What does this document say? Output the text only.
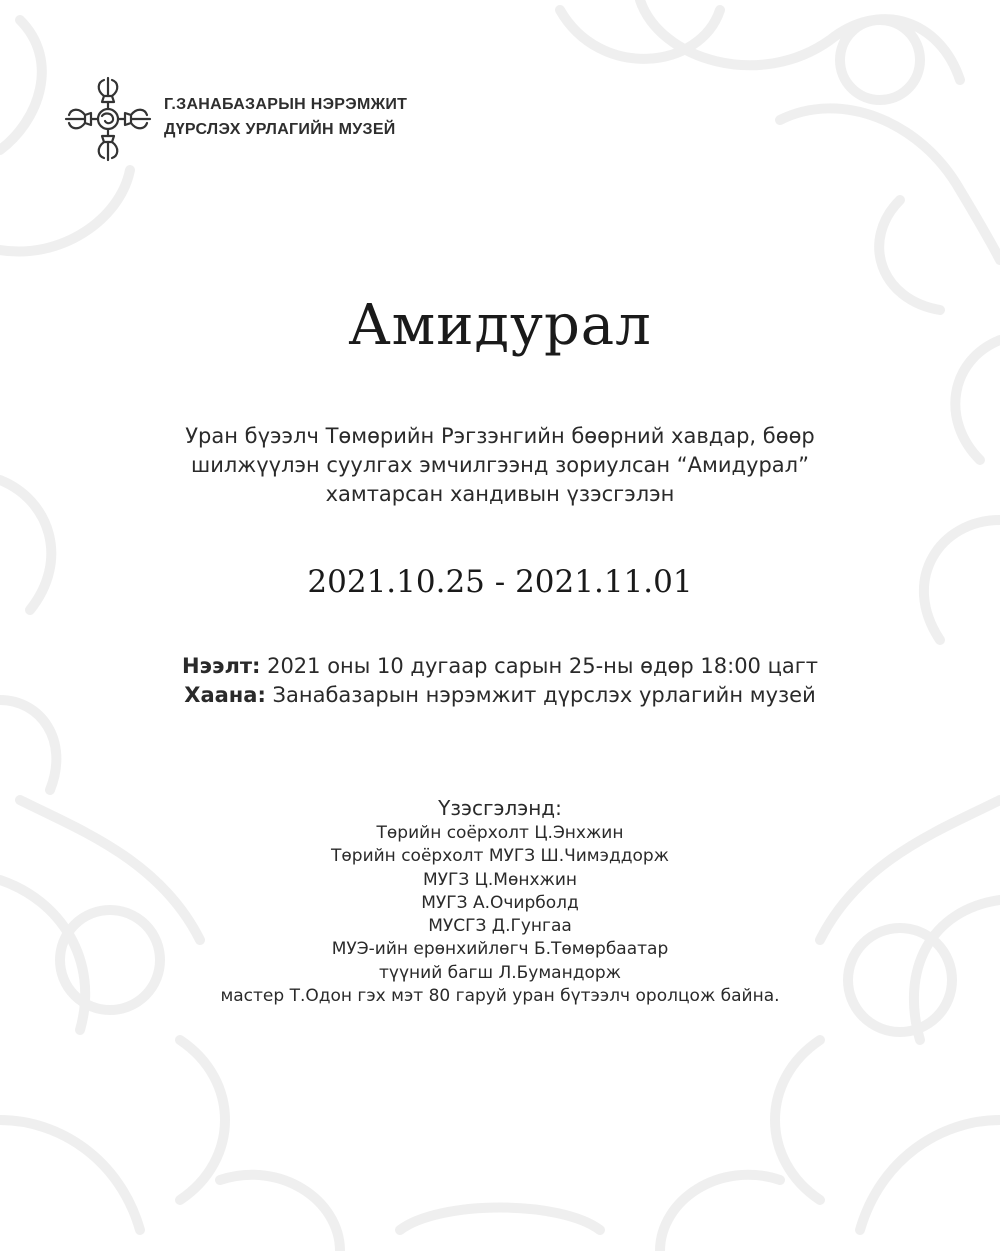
Г.ЗАНАБАЗАРЫН НЭРЭМЖИТ
ДҮРСЛЭХ УРЛАГИЙН МУЗЕЙ
Амидурал
Уран бүээлч Төмөрийн Рэгзэнгийн бөөрний хавдар, бөөр
шилжүүлэн суулгах эмчилгээнд зориулсан “Амидурал”
хамтарсан хандивын үзэсгэлэн
2021.10.25 - 2021.11.01
Нээлт: 2021 оны 10 дугаар сарын 25-ны өдөр 18:00 цагт
Хаана: Занабазарын нэрэмжит дүрслэх урлагийн музей
Үзэсгэлэнд:
Төрийн соёрхолт Ц.Энхжин
Төрийн соёрхолт МУГЗ Ш.Чимэддорж
МУГЗ Ц.Мөнхжин
МУГЗ А.Очирболд
МУСГЗ Д.Гунгаа
МУЭ-ийн ерөнхийлөгч Б.Төмөрбаатар
түүний багш Л.Бумандорж
мастер Т.Одон гэх мэт 80 гаруй уран бүтээлч оролцож байна.
